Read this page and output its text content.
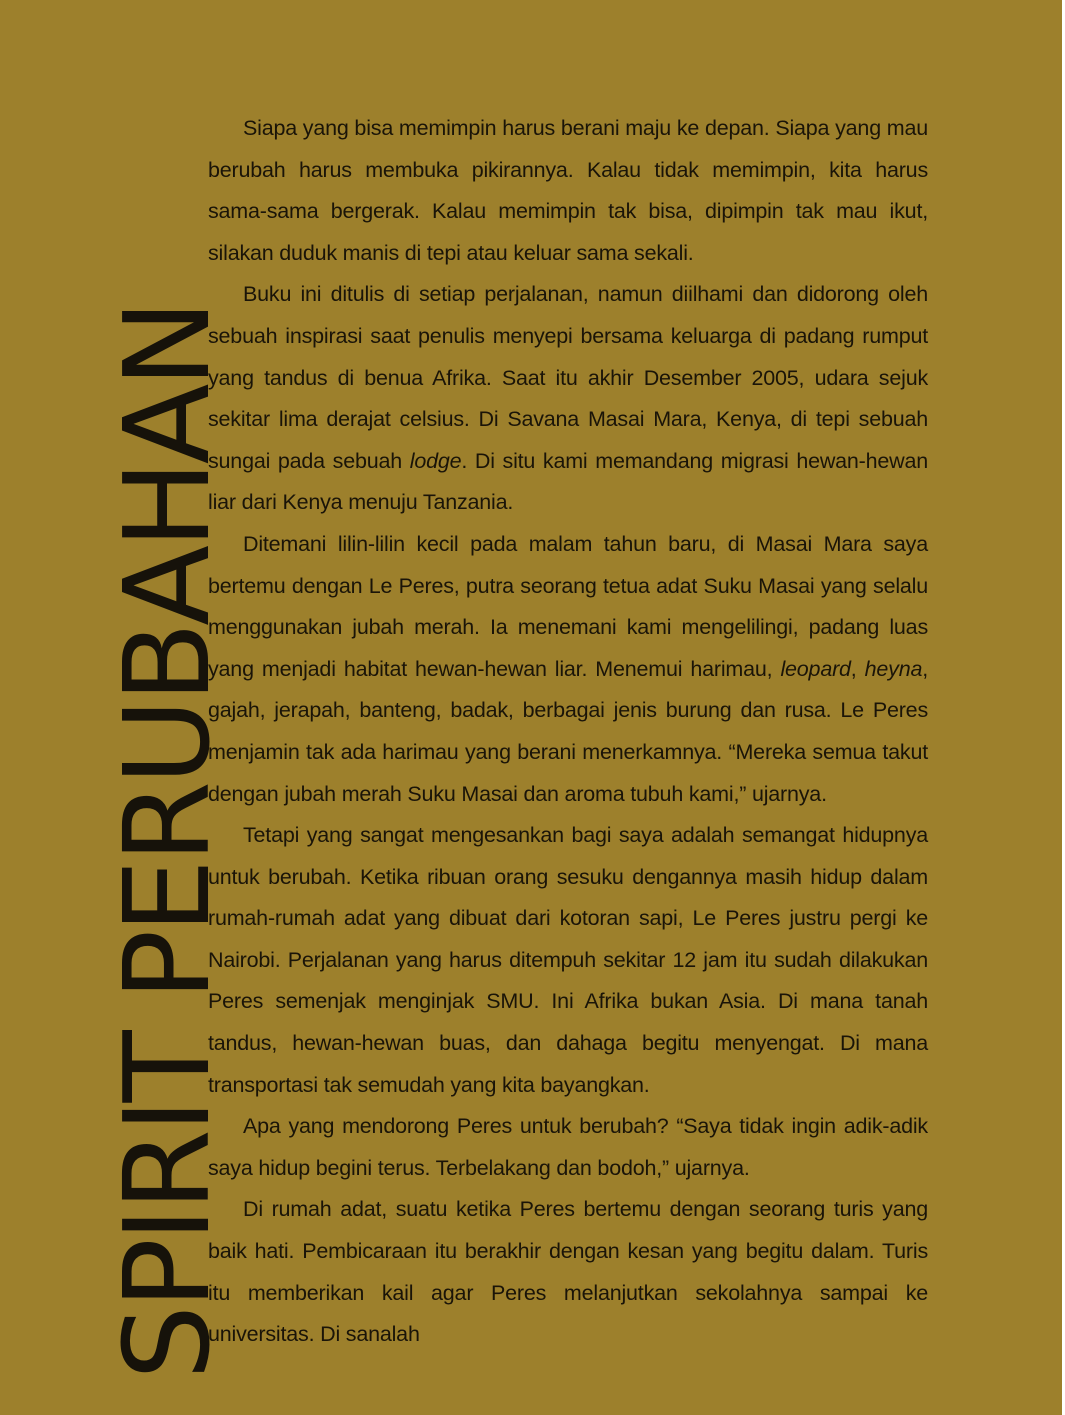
SPIRIT PERUBAHAN

Siapa yang bisa memimpin harus berani maju ke depan. Siapa yang mau berubah harus membuka pikirannya. Kalau tidak memimpin, kita harus sama-sama bergerak. Kalau memimpin tak bisa, dipimpin tak mau ikut, silakan duduk manis di tepi atau keluar sama sekali.

Buku ini ditulis di setiap perjalanan, namun diilhami dan didorong oleh sebuah inspirasi saat penulis menyepi bersama keluarga di padang rumput yang tandus di benua Afrika. Saat itu akhir Desember 2005, udara sejuk sekitar lima derajat celsius. Di Savana Masai Mara, Kenya, di tepi sebuah sungai pada sebuah lodge. Di situ kami memandang migrasi hewan-hewan liar dari Kenya menuju Tanzania.

Ditemani lilin-lilin kecil pada malam tahun baru, di Masai Mara saya bertemu dengan Le Peres, putra seorang tetua adat Suku Masai yang selalu menggunakan jubah merah. Ia menemani kami mengelilingi, padang luas yang menjadi habitat hewan-hewan liar. Menemui harimau, leopard, heyna, gajah, jerapah, banteng, badak, berbagai jenis burung dan rusa. Le Peres menjamin tak ada harimau yang berani menerkamnya. “Mereka semua takut dengan jubah merah Suku Masai dan aroma tubuh kami,” ujarnya.

Tetapi yang sangat mengesankan bagi saya adalah semangat hidupnya untuk berubah. Ketika ribuan orang sesuku dengannya masih hidup dalam rumah-rumah adat yang dibuat dari kotoran sapi, Le Peres justru pergi ke Nairobi. Perjalanan yang harus ditempuh sekitar 12 jam itu sudah dilakukan Peres semenjak menginjak SMU. Ini Afrika bukan Asia. Di mana tanah tandus, hewan-hewan buas, dan dahaga begitu menyengat. Di mana transportasi tak semudah yang kita bayangkan.

Apa yang mendorong Peres untuk berubah? “Saya tidak ingin adik-adik saya hidup begini terus. Terbelakang dan bodoh,” ujarnya.

Di rumah adat, suatu ketika Peres bertemu dengan seorang turis yang baik hati. Pembicaraan itu berakhir dengan kesan yang begitu dalam. Turis itu memberikan kail agar Peres melanjutkan sekolahnya sampai ke universitas. Di sanalah
